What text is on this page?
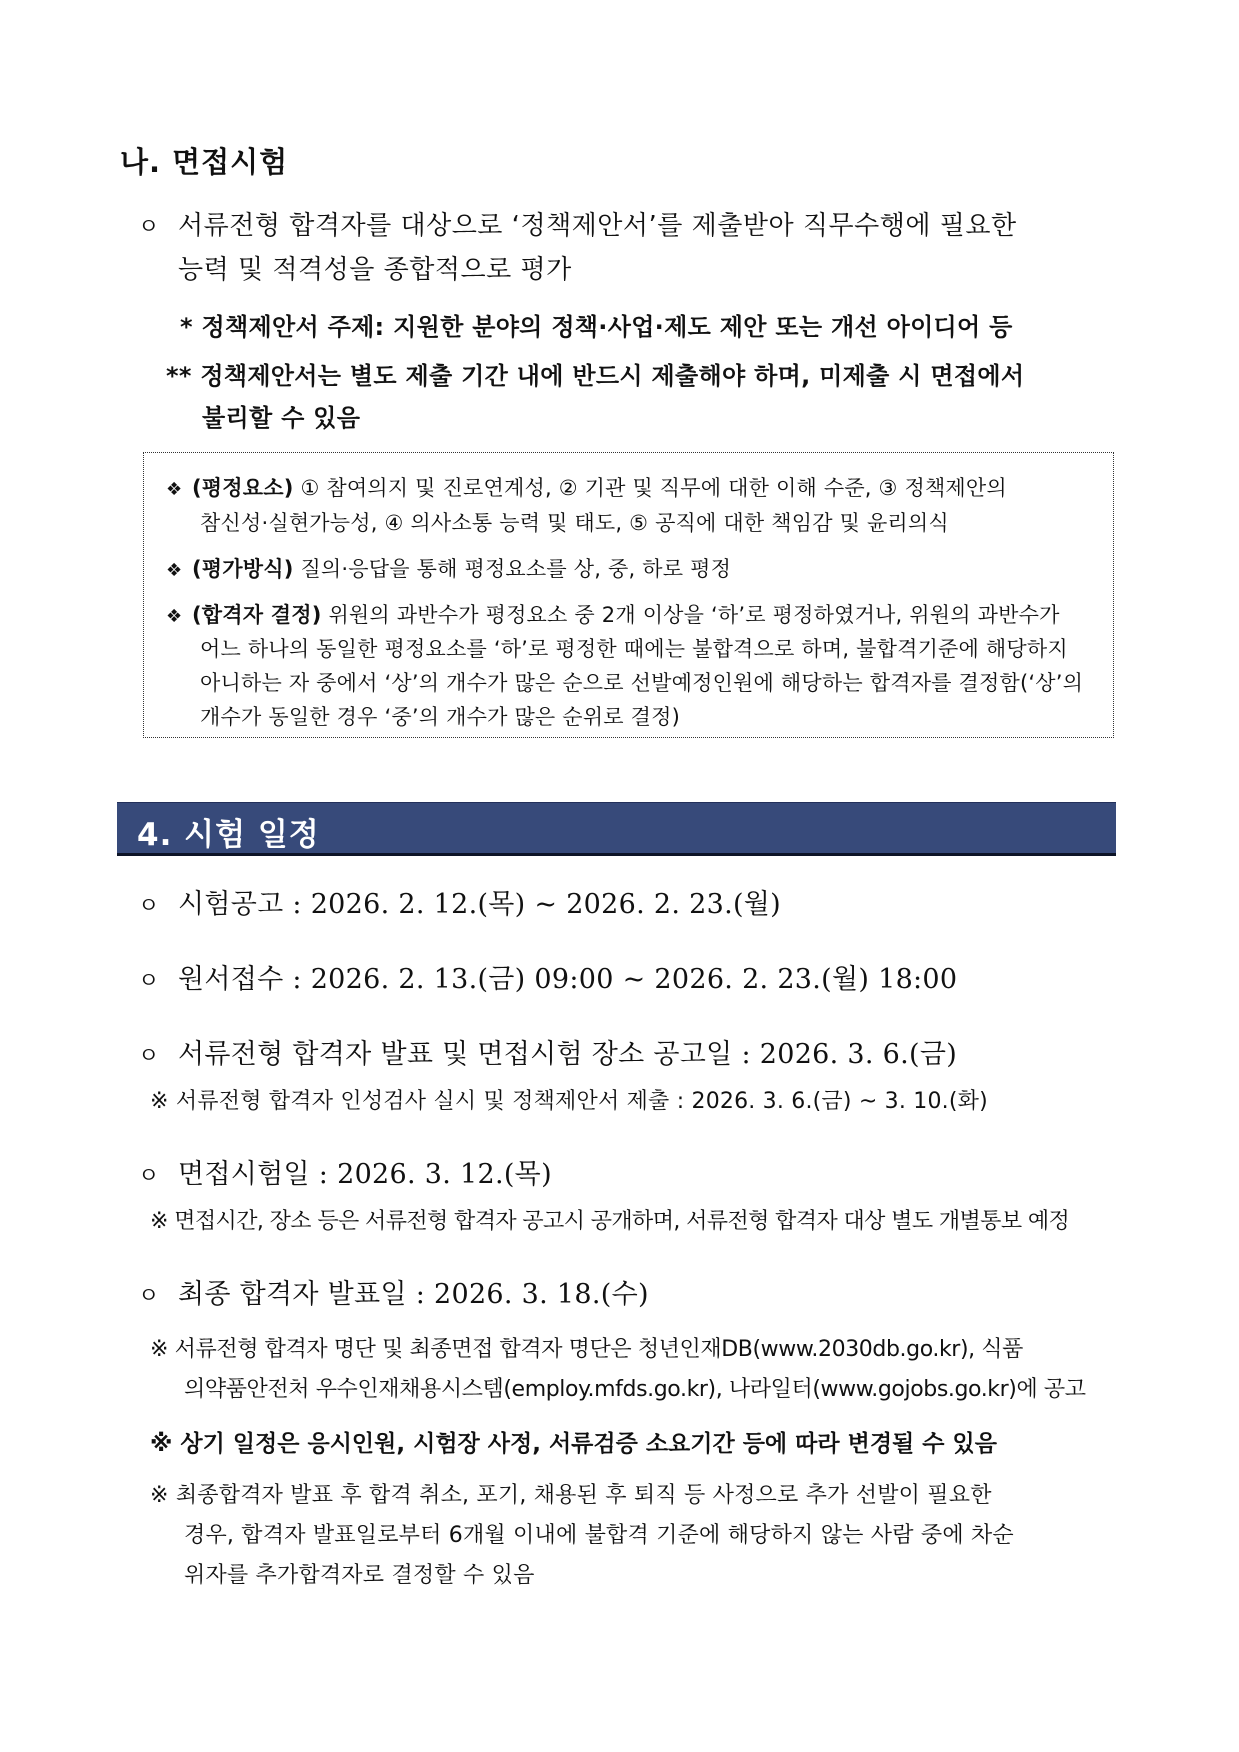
나. 면접시험
ㅇ 서류전형 합격자를 대상으로 ‘정책제안서’를 제출받아 직무수행에 필요한
능력 및 적격성을 종합적으로 평가
* 정책제안서 주제: 지원한 분야의 정책·사업·제도 제안 또는 개선 아이디어 등
** 정책제안서는 별도 제출 기간 내에 반드시 제출해야 하며, 미제출 시 면접에서
불리할 수 있음
❖ (평정요소) ① 참여의지 및 진로연계성, ② 기관 및 직무에 대한 이해 수준, ③ 정책제안의
참신성·실현가능성, ④ 의사소통 능력 및 태도, ⑤ 공직에 대한 책임감 및 윤리의식
❖ (평가방식) 질의·응답을 통해 평정요소를 상, 중, 하로 평정
❖ (합격자 결정) 위원의 과반수가 평정요소 중 2개 이상을 ‘하’로 평정하였거나, 위원의 과반수가
어느 하나의 동일한 평정요소를 ‘하’로 평정한 때에는 불합격으로 하며, 불합격기준에 해당하지
아니하는 자 중에서 ‘상’의 개수가 많은 순으로 선발예정인원에 해당하는 합격자를 결정함(‘상’의
개수가 동일한 경우 ‘중’의 개수가 많은 순위로 결정)
4. 시험 일정
ㅇ 시험공고 : 2026. 2. 12.(목) ~ 2026. 2. 23.(월)
ㅇ 원서접수 : 2026. 2. 13.(금) 09:00 ~ 2026. 2. 23.(월) 18:00
ㅇ 서류전형 합격자 발표 및 면접시험 장소 공고일 : 2026. 3. 6.(금)
※ 서류전형 합격자 인성검사 실시 및 정책제안서 제출 : 2026. 3. 6.(금) ~ 3. 10.(화)
ㅇ 면접시험일 : 2026. 3. 12.(목)
※ 면접시간, 장소 등은 서류전형 합격자 공고시 공개하며, 서류전형 합격자 대상 별도 개별통보 예정
ㅇ 최종 합격자 발표일 : 2026. 3. 18.(수)
※ 서류전형 합격자 명단 및 최종면접 합격자 명단은 청년인재DB(www.2030db.go.kr), 식품
의약품안전처 우수인재채용시스템(employ.mfds.go.kr), 나라일터(www.gojobs.go.kr)에 공고
※ 상기 일정은 응시인원, 시험장 사정, 서류검증 소요기간 등에 따라 변경될 수 있음
※ 최종합격자 발표 후 합격 취소, 포기, 채용된 후 퇴직 등 사정으로 추가 선발이 필요한
경우, 합격자 발표일로부터 6개월 이내에 불합격 기준에 해당하지 않는 사람 중에 차순
위자를 추가합격자로 결정할 수 있음
